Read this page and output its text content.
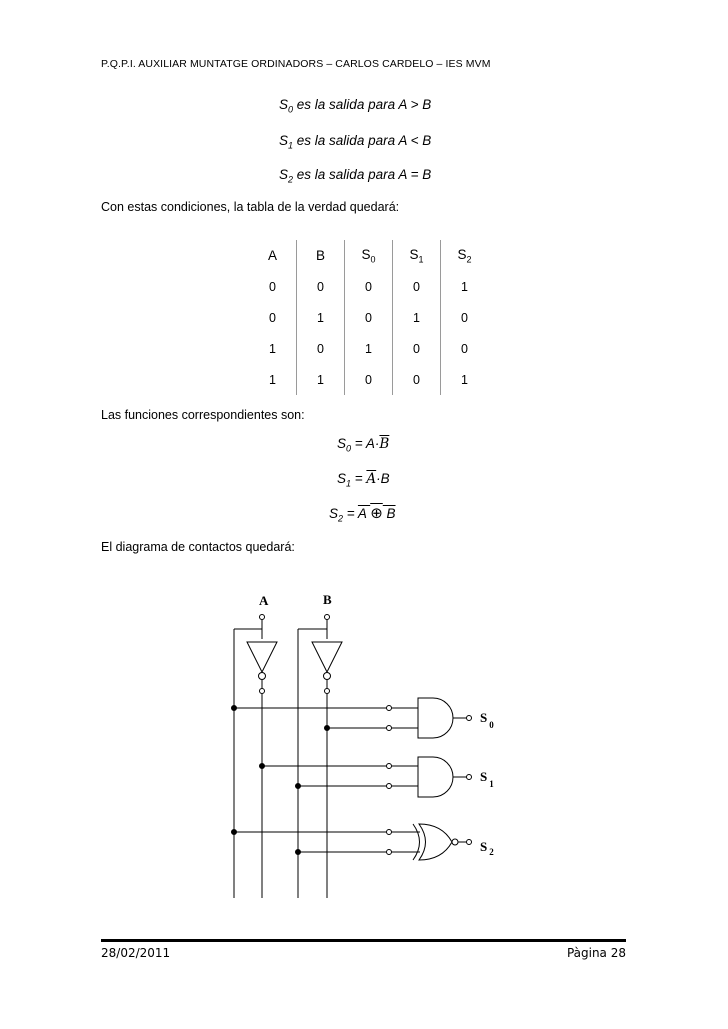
P.Q.P.I. AUXILIAR MUNTATGE ORDINADORS – CARLOS CARDELO – IES MVM
$S_0$ es la salida para A > B
$S_1$ es la salida para A < B
$S_2$ es la salida para A = B
Con estas condiciones, la tabla de la verdad quedará:
A	B	$S_0$	$S_1$	$S_2$
0	0	0	0	1
0	1	0	1	0
1	0	1	0	0
1	1	0	0	1
Las funciones correspondientes son:
$S_0 = A\cdot\overline{B}$
$S_1 = \overline{A}\cdot B$
$S_2 = A$ ⊕ B
El diagrama de contactos quedará:
A	B
S $_0$
S $_1$
S $_2$
28/02/2011	Pàgina 28
